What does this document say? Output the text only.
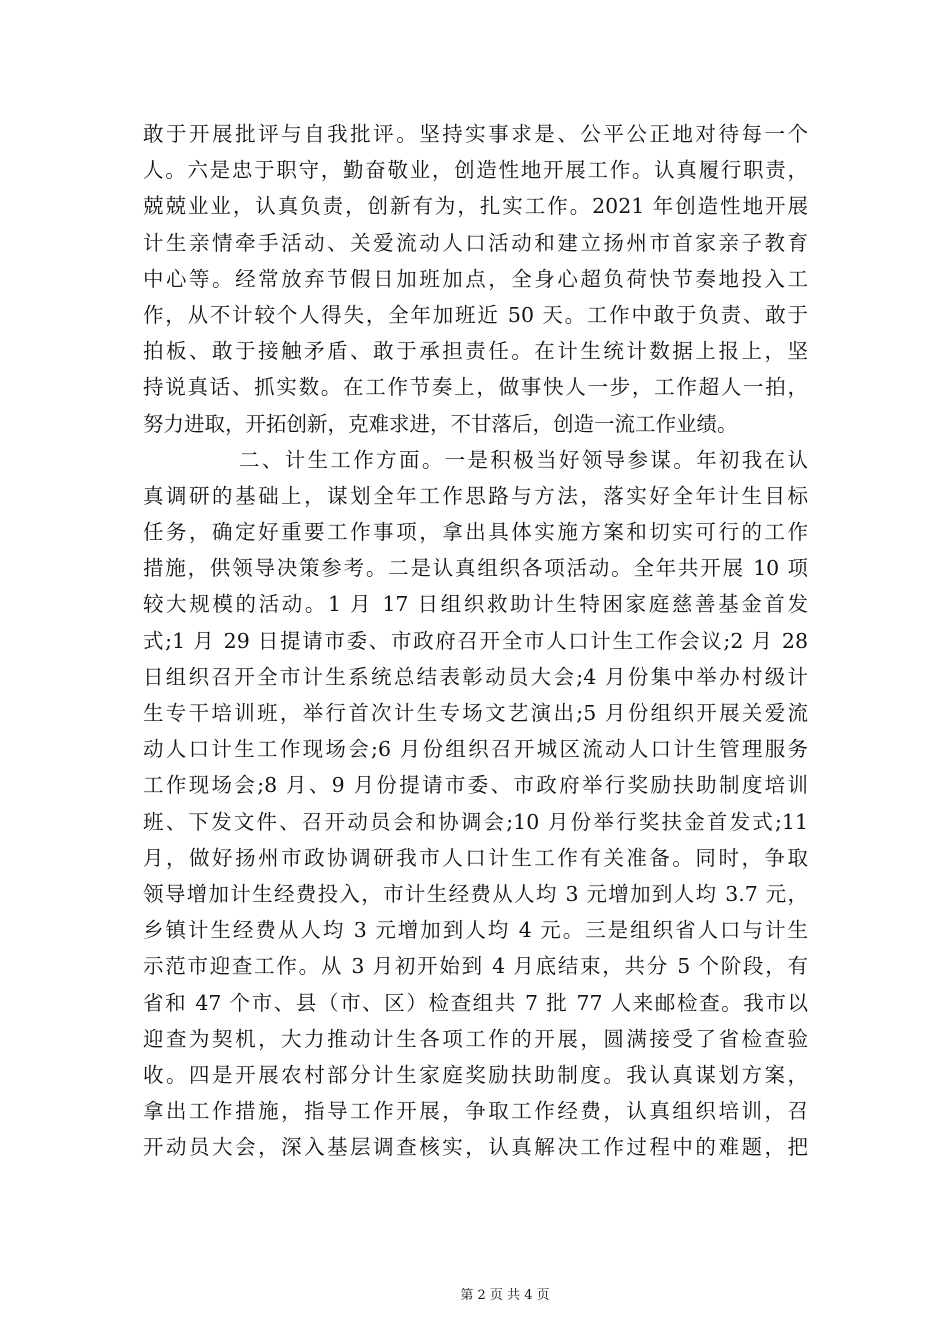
敢于开展批评与自我批评。坚持实事求是、公平公正地对待每一个
人。六是忠于职守，勤奋敬业，创造性地开展工作。认真履行职责，
兢兢业业，认真负责，创新有为，扎实工作。2021 年创造性地开展
计生亲情牵手活动、关爱流动人口活动和建立扬州市首家亲子教育
中心等。经常放弃节假日加班加点，全身心超负荷快节奏地投入工
作，从不计较个人得失，全年加班近 50 天。工作中敢于负责、敢于
拍板、敢于接触矛盾、敢于承担责任。在计生统计数据上报上，坚
持说真话、抓实数。在工作节奏上，做事快人一步，工作超人一拍，
努力进取，开拓创新，克难求进，不甘落后，创造一流工作业绩。
二、计生工作方面。一是积极当好领导参谋。年初我在认
真调研的基础上，谋划全年工作思路与方法，落实好全年计生目标
任务，确定好重要工作事项，拿出具体实施方案和切实可行的工作
措施，供领导决策参考。二是认真组织各项活动。全年共开展 10 项
较大规模的活动。1 月 17 日组织救助计生特困家庭慈善基金首发
式;1 月 29 日提请市委、市政府召开全市人口计生工作会议;2 月 28
日组织召开全市计生系统总结表彰动员大会;4 月份集中举办村级计
生专干培训班，举行首次计生专场文艺演出;5 月份组织开展关爱流
动人口计生工作现场会;6 月份组织召开城区流动人口计生管理服务
工作现场会;8 月、9 月份提请市委、市政府举行奖励扶助制度培训
班、下发文件、召开动员会和协调会;10 月份举行奖扶金首发式;11
月，做好扬州市政协调研我市人口计生工作有关准备。同时，争取
领导增加计生经费投入，市计生经费从人均 3 元增加到人均 3.7 元，
乡镇计生经费从人均 3 元增加到人均 4 元。三是组织省人口与计生
示范市迎查工作。从 3 月初开始到 4 月底结束，共分 5 个阶段，有
省和 47 个市、县（市、区）检查组共 7 批 77 人来邮检查。我市以
迎查为契机，大力推动计生各项工作的开展，圆满接受了省检查验
收。四是开展农村部分计生家庭奖励扶助制度。我认真谋划方案，
拿出工作措施，指导工作开展，争取工作经费，认真组织培训，召
开动员大会，深入基层调查核实，认真解决工作过程中的难题，把
第 2 页 共 4 页
